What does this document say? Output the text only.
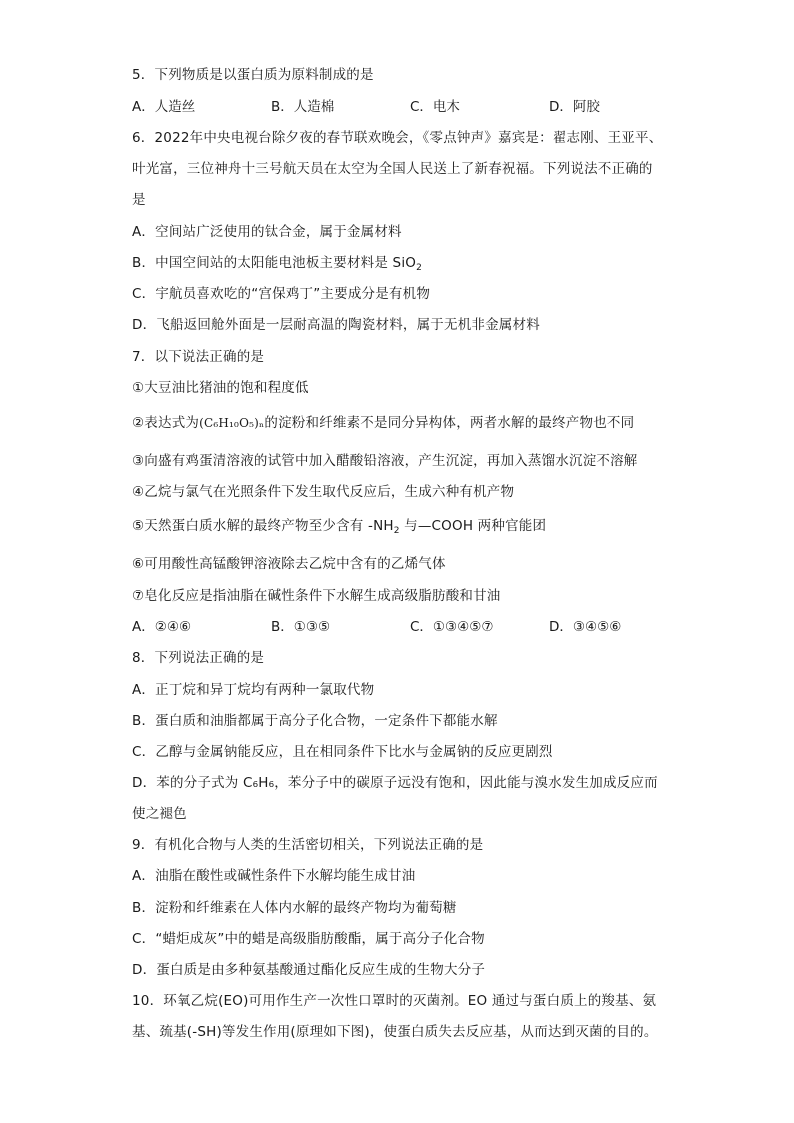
5．下列物质是以蛋白质为原料制成的是
A．人造丝	B．人造棉	C．电木	D．阿胶
6．2022年中央电视台除夕夜的春节联欢晚会，《零点钟声》嘉宾是：翟志刚、王亚平、
叶光富，三位神舟十三号航天员在太空为全国人民送上了新春祝福。下列说法不正确的
是
A．空间站广泛使用的钛合金，属于金属材料
B．中国空间站的太阳能电池板主要材料是 SiO$_2$
C．宇航员喜欢吃的“宫保鸡丁”主要成分是有机物
D．飞船返回舱外面是一层耐高温的陶瓷材料，属于无机非金属材料
7．以下说法正确的是
①大豆油比猪油的饱和程度低
②表达式为(C₆H₁₀O₅)ₙ的淀粉和纤维素不是同分异构体，两者水解的最终产物也不同
③向盛有鸡蛋清溶液的试管中加入醋酸铅溶液，产生沉淀，再加入蒸馏水沉淀不溶解
④乙烷与氯气在光照条件下发生取代反应后，生成六种有机产物
⑤天然蛋白质水解的最终产物至少含有 $-NH_2$ 与—COOH 两种官能团
⑥可用酸性高锰酸钾溶液除去乙烷中含有的乙烯气体
⑦皂化反应是指油脂在碱性条件下水解生成高级脂肪酸和甘油
A．②④⑥	B．①③⑤	C．①③④⑤⑦	D．③④⑤⑥
8．下列说法正确的是
A．正丁烷和异丁烷均有两种一氯取代物
B．蛋白质和油脂都属于高分子化合物，一定条件下都能水解
C．乙醇与金属钠能反应，且在相同条件下比水与金属钠的反应更剧烈
D．苯的分子式为 C₆H₆，苯分子中的碳原子远没有饱和，因此能与溴水发生加成反应而
使之褪色
9．有机化合物与人类的生活密切相关，下列说法正确的是
A．油脂在酸性或碱性条件下水解均能生成甘油
B．淀粉和纤维素在人体内水解的最终产物均为葡萄糖
C．“蜡炬成灰”中的蜡是高级脂肪酸酯，属于高分子化合物
D．蛋白质是由多种氨基酸通过酯化反应生成的生物大分子
10．环氧乙烷(EO)可用作生产一次性口罩时的灭菌剂。EO 通过与蛋白质上的羧基、氨
基、巯基(-SH)等发生作用(原理如下图)，使蛋白质失去反应基，从而达到灭菌的目的。
